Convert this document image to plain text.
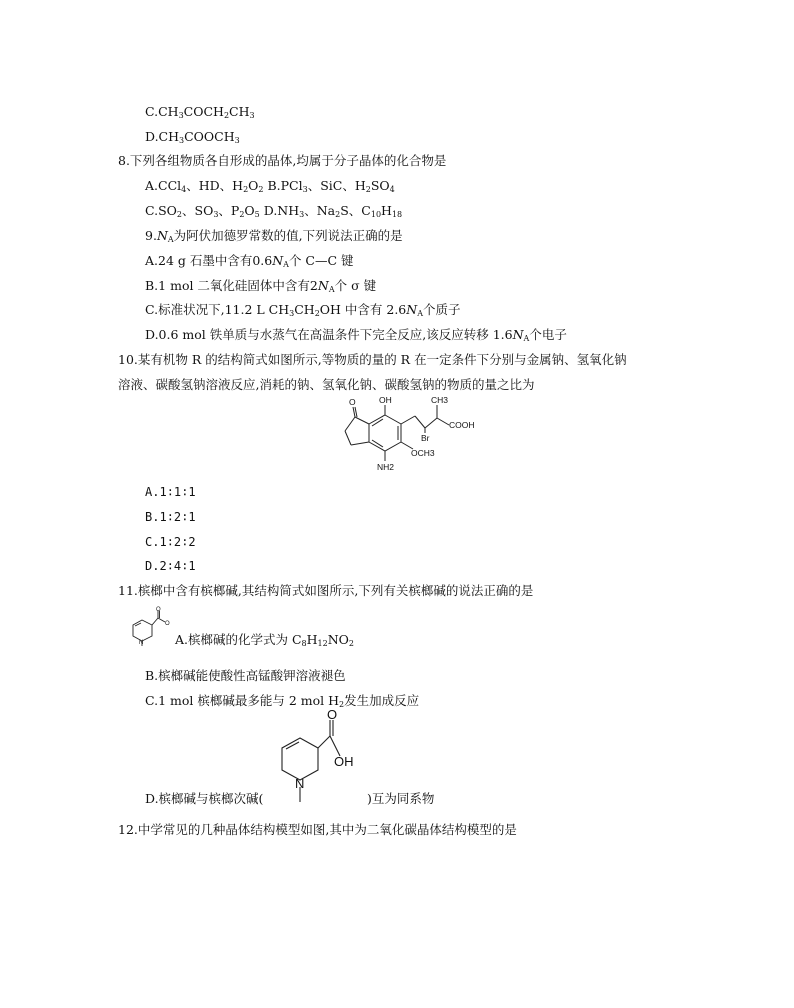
$C.CH_3COCH_2CH_3$
$D.CH_3COOCH_3$
8.下列各组物质各自形成的晶体,均属于分子晶体的化合物是
A.CCl$_4$、HD、$H_2O_2$ B.PCl$_3$、SiC、$H_2SO_4$
$C.SO_2$、$SO_3$、$P_2O_5$ $D.NH_3$、$Na_2S$、$C_{10}H_{18}$
$9.N_A$为阿伏加德罗常数的值,下列说法正确的是
A.24 g 石墨中含有$0.6N_A$个 C—C 键
B.1 mol 二氧化硅固体中含有$2N_A$个 σ 键
C.标准状况下,11.2 L $CH_3CH_2OH$ 中含有 $2.6N_A$个质子
D.0.6 mol 铁单质与水蒸气在高温条件下完全反应,该反应转移 $1.6N_A$个电子
10.某有机物 R 的结构简式如图所示,等物质的量的 R 在一定条件下分别与金属钠、氢氧化钠
溶液、碳酸氢钠溶液反应,消耗的钠、氢氧化钠、碳酸氢钠的物质的量之比为
O	OH	CH3
COOH
Br
OCH3
NH2
A.1∶1∶1
B.1∶2∶1
C.1∶2∶2
D.2∶4∶1
11.槟榔中含有槟榔碱,其结构简式如图所示,下列有关槟榔碱的说法正确的是
O
O
N	A.槟榔碱的化学式为 $C_8H_{12}NO_2$
B.槟榔碱能使酸性高锰酸钾溶液褪色
C.1 mol 槟榔碱最多能与 2 mol $H_2$发生加成反应
O
OH
N
D.槟榔碱与槟榔次碱(	)互为同系物
12.中学常见的几种晶体结构模型如图,其中为二氧化碳晶体结构模型的是
